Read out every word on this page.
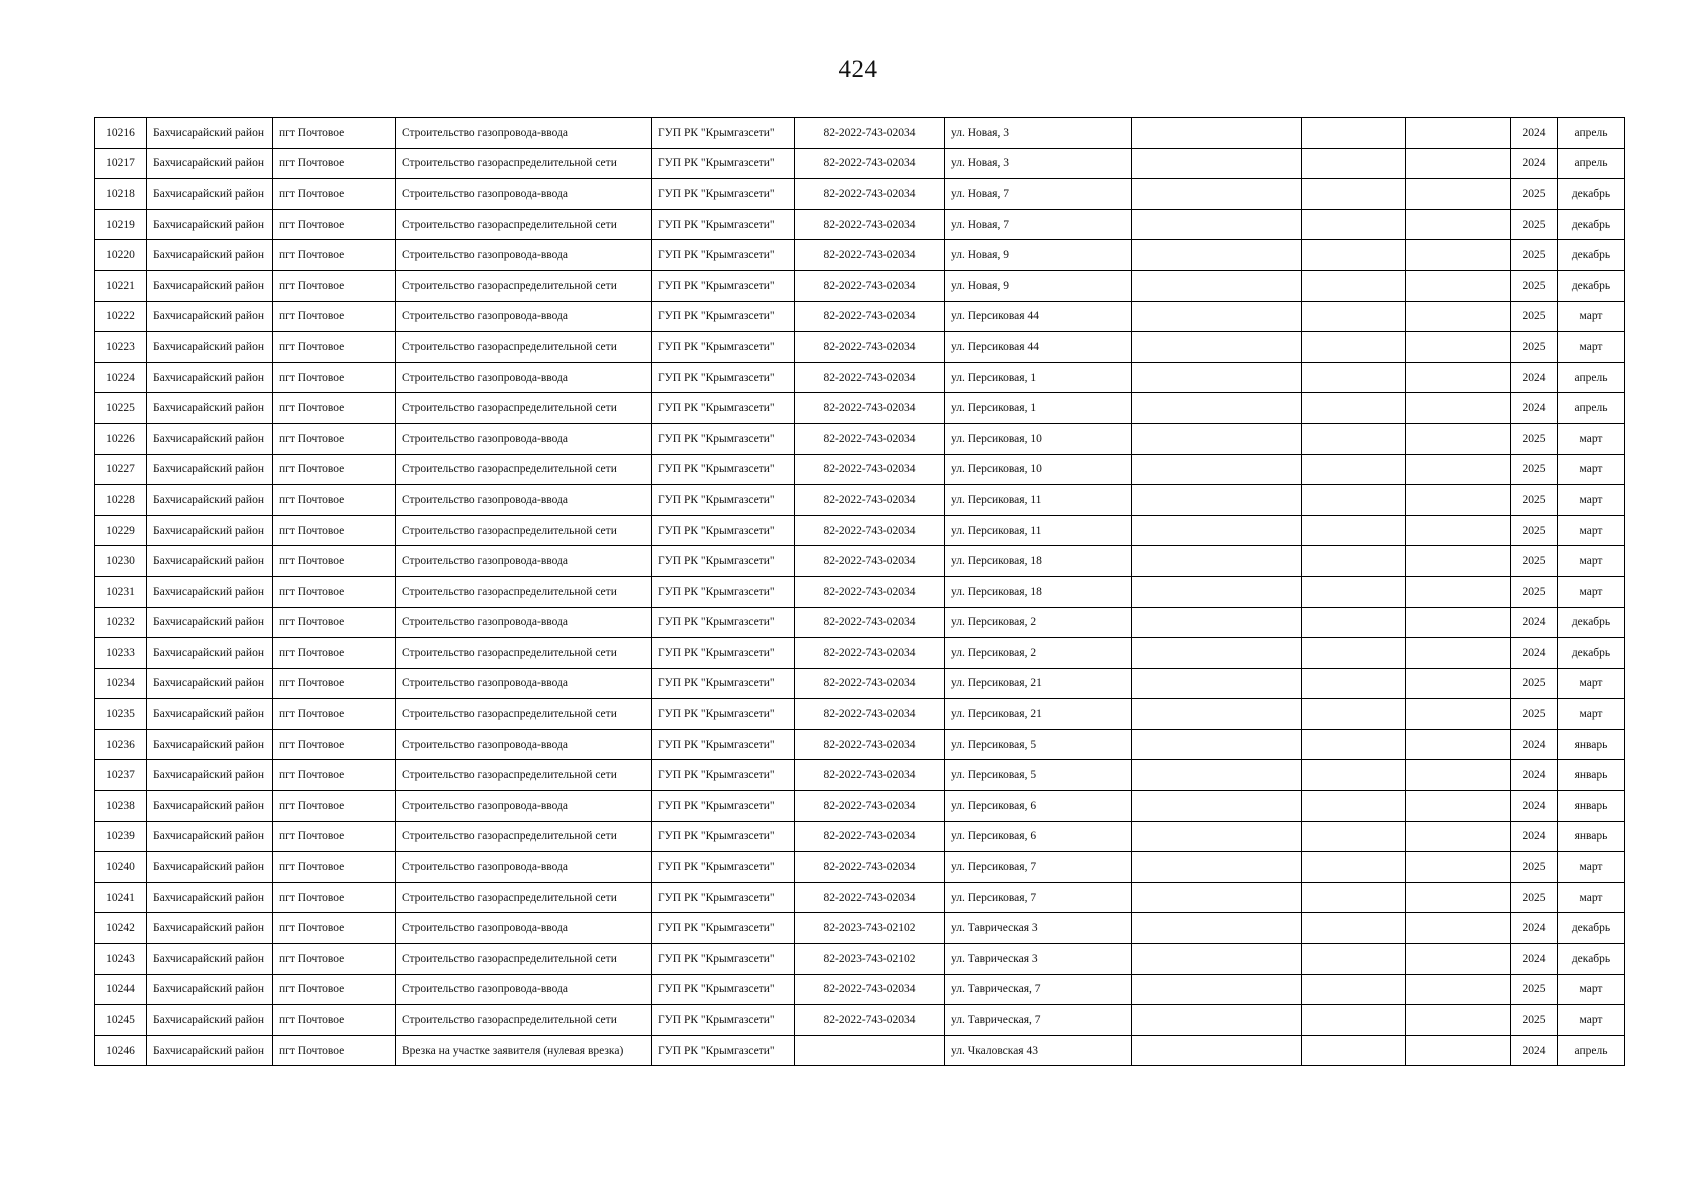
424
10216	Бахчисарайский район	пгт Почтовое	Строительство газопровода-ввода	ГУП РК "Крымгазсети"	82-2022-743-02034	ул. Новая, 3				2024	апрель
10217	Бахчисарайский район	пгт Почтовое	Строительство газораспределительной сети	ГУП РК "Крымгазсети"	82-2022-743-02034	ул. Новая, 3				2024	апрель
10218	Бахчисарайский район	пгт Почтовое	Строительство газопровода-ввода	ГУП РК "Крымгазсети"	82-2022-743-02034	ул. Новая, 7				2025	декабрь
10219	Бахчисарайский район	пгт Почтовое	Строительство газораспределительной сети	ГУП РК "Крымгазсети"	82-2022-743-02034	ул. Новая, 7				2025	декабрь
10220	Бахчисарайский район	пгт Почтовое	Строительство газопровода-ввода	ГУП РК "Крымгазсети"	82-2022-743-02034	ул. Новая, 9				2025	декабрь
10221	Бахчисарайский район	пгт Почтовое	Строительство газораспределительной сети	ГУП РК "Крымгазсети"	82-2022-743-02034	ул. Новая, 9				2025	декабрь
10222	Бахчисарайский район	пгт Почтовое	Строительство газопровода-ввода	ГУП РК "Крымгазсети"	82-2022-743-02034	ул. Персиковая 44				2025	март
10223	Бахчисарайский район	пгт Почтовое	Строительство газораспределительной сети	ГУП РК "Крымгазсети"	82-2022-743-02034	ул. Персиковая 44				2025	март
10224	Бахчисарайский район	пгт Почтовое	Строительство газопровода-ввода	ГУП РК "Крымгазсети"	82-2022-743-02034	ул. Персиковая, 1				2024	апрель
10225	Бахчисарайский район	пгт Почтовое	Строительство газораспределительной сети	ГУП РК "Крымгазсети"	82-2022-743-02034	ул. Персиковая, 1				2024	апрель
10226	Бахчисарайский район	пгт Почтовое	Строительство газопровода-ввода	ГУП РК "Крымгазсети"	82-2022-743-02034	ул. Персиковая, 10				2025	март
10227	Бахчисарайский район	пгт Почтовое	Строительство газораспределительной сети	ГУП РК "Крымгазсети"	82-2022-743-02034	ул. Персиковая, 10				2025	март
10228	Бахчисарайский район	пгт Почтовое	Строительство газопровода-ввода	ГУП РК "Крымгазсети"	82-2022-743-02034	ул. Персиковая, 11				2025	март
10229	Бахчисарайский район	пгт Почтовое	Строительство газораспределительной сети	ГУП РК "Крымгазсети"	82-2022-743-02034	ул. Персиковая, 11				2025	март
10230	Бахчисарайский район	пгт Почтовое	Строительство газопровода-ввода	ГУП РК "Крымгазсети"	82-2022-743-02034	ул. Персиковая, 18				2025	март
10231	Бахчисарайский район	пгт Почтовое	Строительство газораспределительной сети	ГУП РК "Крымгазсети"	82-2022-743-02034	ул. Персиковая, 18				2025	март
10232	Бахчисарайский район	пгт Почтовое	Строительство газопровода-ввода	ГУП РК "Крымгазсети"	82-2022-743-02034	ул. Персиковая, 2				2024	декабрь
10233	Бахчисарайский район	пгт Почтовое	Строительство газораспределительной сети	ГУП РК "Крымгазсети"	82-2022-743-02034	ул. Персиковая, 2				2024	декабрь
10234	Бахчисарайский район	пгт Почтовое	Строительство газопровода-ввода	ГУП РК "Крымгазсети"	82-2022-743-02034	ул. Персиковая, 21				2025	март
10235	Бахчисарайский район	пгт Почтовое	Строительство газораспределительной сети	ГУП РК "Крымгазсети"	82-2022-743-02034	ул. Персиковая, 21				2025	март
10236	Бахчисарайский район	пгт Почтовое	Строительство газопровода-ввода	ГУП РК "Крымгазсети"	82-2022-743-02034	ул. Персиковая, 5				2024	январь
10237	Бахчисарайский район	пгт Почтовое	Строительство газораспределительной сети	ГУП РК "Крымгазсети"	82-2022-743-02034	ул. Персиковая, 5				2024	январь
10238	Бахчисарайский район	пгт Почтовое	Строительство газопровода-ввода	ГУП РК "Крымгазсети"	82-2022-743-02034	ул. Персиковая, 6				2024	январь
10239	Бахчисарайский район	пгт Почтовое	Строительство газораспределительной сети	ГУП РК "Крымгазсети"	82-2022-743-02034	ул. Персиковая, 6				2024	январь
10240	Бахчисарайский район	пгт Почтовое	Строительство газопровода-ввода	ГУП РК "Крымгазсети"	82-2022-743-02034	ул. Персиковая, 7				2025	март
10241	Бахчисарайский район	пгт Почтовое	Строительство газораспределительной сети	ГУП РК "Крымгазсети"	82-2022-743-02034	ул. Персиковая, 7				2025	март
10242	Бахчисарайский район	пгт Почтовое	Строительство газопровода-ввода	ГУП РК "Крымгазсети"	82-2023-743-02102	ул. Таврическая 3				2024	декабрь
10243	Бахчисарайский район	пгт Почтовое	Строительство газораспределительной сети	ГУП РК "Крымгазсети"	82-2023-743-02102	ул. Таврическая 3				2024	декабрь
10244	Бахчисарайский район	пгт Почтовое	Строительство газопровода-ввода	ГУП РК "Крымгазсети"	82-2022-743-02034	ул. Таврическая, 7				2025	март
10245	Бахчисарайский район	пгт Почтовое	Строительство газораспределительной сети	ГУП РК "Крымгазсети"	82-2022-743-02034	ул. Таврическая, 7				2025	март
10246	Бахчисарайский район	пгт Почтовое	Врезка на участке заявителя (нулевая врезка)	ГУП РК "Крымгазсети"		ул. Чкаловская 43				2024	апрель
